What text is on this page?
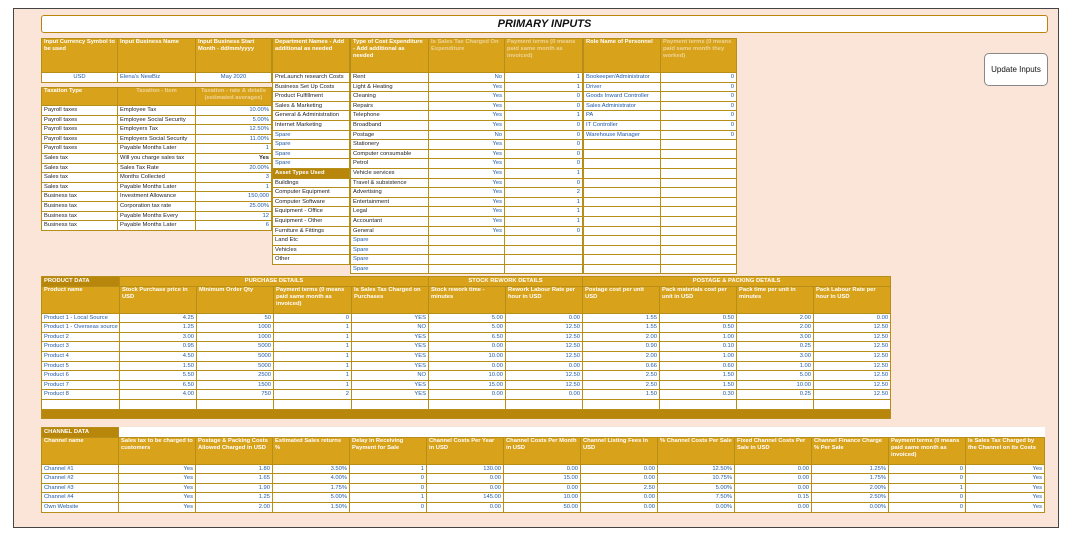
PRIMARY INPUTS
Input Currency Symbol to be used	Input Business Name	Input Business Start Month - dd/mm/yyyy
USD	Elena's NewBiz	May 2020
Taxation Type	Taxation - Item	Taxation - rate & details (estimated averages)
Payroll taxes	Employee Tax	10.00%
Payroll taxes	Employee Social Security	5.00%
Payroll taxes	Employers Tax	12.50%
Payroll taxes	Employers Social Security	11.00%
Payroll taxes	Payable Months Later	1
Sales tax	Will you charge sales tax	Yes
Sales tax	Sales Tax Rate	20.00%
Sales tax	Months Collected	3
Sales tax	Payable Months Later	1
Business tax	Investment Allowance	150,000
Business tax	Corporation tax rate	25.00%
Business tax	Payable Months Every	12
Business tax	Payable Months Later	6
Department Names - Add additional as needed
PreLaunch research Costs
Business Set Up Costs
Product Fulfillment
Sales & Marketing
General & Administration
Internet Marketing
Spare
Spare
Spare
Spare
Asset Types Used
Buildings
Computer Equipment
Computer Software
Equipment - Office
Equipment - Other
Furniture & Fittings
Land Etc
Vehicles
Other
Type of Cost Expenditure - Add additional as needed	Is Sales Tax Charged On Expenditure	Payment terms (0 means paid same month as invoiced)
Rent	No	1
Light & Heating	Yes	1
Cleaning	Yes	0
Repairs	Yes	0
Telephone	Yes	1
Broadband	Yes	0
Postage	No	0
Stationery	Yes	0
Computer consumable	Yes	0
Petrol	Yes	0
Vehicle services	Yes	1
Travel & subsistence	Yes	0
Advertising	Yes	2
Entertainment	Yes	1
Legal	Yes	1
Accountant	Yes	1
General	Yes	0
Spare		
Spare		
Spare		
Spare		
Role Name of Personnel	Payment terms (0 means paid same month they worked)
Bookeeper/Administrator	0
Driver	0
Goods Inward Controller	0
Sales Administrator	0
PA	0
IT Controller	0
Warehouse Manager	0

Update Inputs
PRODUCT DATA	PURCHASE DETAILS				STOCK REWORK DETAILS		POSTAGE & PACKING DETAILS			
Product name	Stock Purchase price in USD	Minimum Order Qty	Payment terms (0 means paid same month as invoiced)	Is Sales Tax Charged on Purchases	Stock rework time - minutes	Rework Labour Rate per hour in USD	Postage cost per unit USD	Pack materials cost per unit in USD	Pack time per unit in minutes	Pack Labour Rate per hour in USD
Product 1 - Local Source	4.25	50	0	YES	5.00	0.00	1.55	0.50	2.00	0.00
Product 1 - Overseas source	1.25	1000	1	NO	5.00	12.50	1.55	0.50	2.00	12.50
Product 2	3.00	1000	1	YES	6.50	12.50	2.00	1.00	3.00	12.50
Product 3	0.95	5000	1	YES	0.00	12.50	0.90	0.10	0.25	12.50
Product 4	4.50	5000	1	YES	10.00	12.50	2.00	1.00	3.00	12.50
Product 5	1.50	5000	1	YES	0.00	0.00	0.66	0.60	1.00	12.50
Product 6	5.50	2500	1	NO	10.00	12.50	2.50	1.50	5.00	12.50
Product 7	6.50	1500	1	YES	15.00	12.50	2.50	1.50	10.00	12.50
Product 8	4.00	750	2	YES	0.00	0.00	1.50	0.30	0.25	12.50

CHANNEL DATA												
Channel name	Sales tax to be charged to customers	Postage & Packing Costs Allowed Charged in USD	Estimated Sales returns %	Delay in Receiving Payment for Sale	Channel Costs Per Year in USD	Channel Costs Per Month in USD	Channel Listing Fees in USD	% Channel Costs Per Sale	Fixed Channel Costs Per Sale in USD	Channel Finance Charge % Per Sale	Payment terms (0 means paid same month as invoiced)	Is Sales Tax Charged by the Channel on its Costs
Channel #1	Yes	1.80	3.50%	1	130.00	0.00	0.00	12.50%	0.00	1.25%	0	Yes
Channel #2	Yes	1.65	4.00%	0	0.00	15.00	0.00	10.75%	0.00	1.75%	0	Yes
Channel #3	Yes	1.90	1.75%	0	0.00	0.00	2.50	5.00%	0.00	2.00%	1	Yes
Channel #4	Yes	1.25	5.00%	1	145.00	10.00	0.00	7.50%	0.15	2.50%	0	Yes
Own Website	Yes	2.00	1.50%	0	0.00	50.00	0.00	0.00%	0.00	0.00%	0	Yes
